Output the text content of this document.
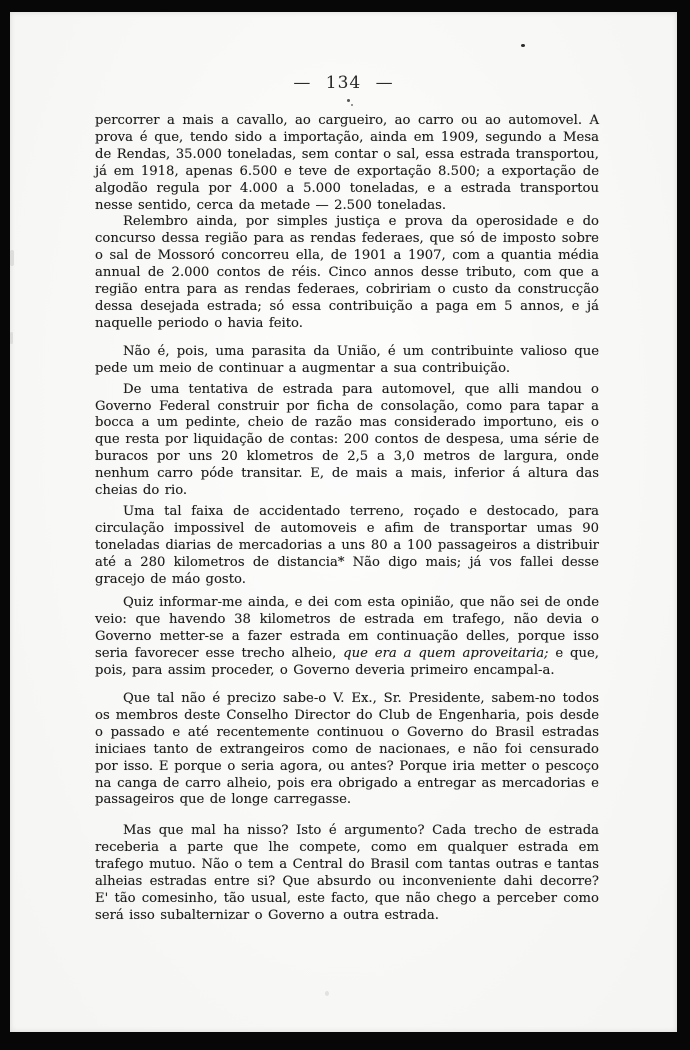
— 134 —

percorrer a mais a cavallo, ao cargueiro, ao carro ou ao automovel. A prova é que, tendo sido a importação, ainda em 1909, segundo a Mesa de Rendas, 35.000 toneladas, sem contar o sal, essa estrada transportou, já em 1918, apenas 6.500 e teve de exportação 8.500; a exportação de algodão regula por 4.000 a 5.000 toneladas, e a estrada transportou nesse sentido, cerca da metade — 2.500 toneladas.

Relembro ainda, por simples justiça e prova da operosidade e do concurso dessa região para as rendas federaes, que só de imposto sobre o sal de Mossoró concorreu ella, de 1901 a 1907, com a quantia média annual de 2.000 contos de réis. Cinco annos desse tributo, com que a região entra para as rendas federaes, cobririam o custo da construcção dessa desejada estrada; só essa contribuição a paga em 5 annos, e já naquelle periodo o havia feito.

Não é, pois, uma parasita da União, é um contribuinte valioso que pede um meio de continuar a augmentar a sua contribuição.

De uma tentativa de estrada para automovel, que alli mandou o Governo Federal construir por ficha de consolação, como para tapar a bocca a um pedinte, cheio de razão mas considerado importuno, eis o que resta por liquidação de contas: 200 contos de despesa, uma série de buracos por uns 20 klometros de 2,5 a 3,0 metros de largura, onde nenhum carro póde transitar. E, de mais a mais, inferior á altura das cheias do rio.

Uma tal faixa de accidentado terreno, roçado e destocado, para circulação impossivel de automoveis e afim de transportar umas 90 toneladas diarias de mercadorias a uns 80 a 100 passageiros a distribuir até a 280 kilometros de distancia* Não digo mais; já vos fallei desse gracejo de máo gosto.

Quiz informar-me ainda, e dei com esta opinião, que não sei de onde veio: que havendo 38 kilometros de estrada em trafego, não devia o Governo metter-se a fazer estrada em continuação delles, porque isso seria favorecer esse trecho alheio, que era a quem aproveitaria; e que, pois, para assim proceder, o Governo deveria primeiro encampal-a.

Que tal não é precizo sabe-o V. Ex., Sr. Presidente, sabem-no todos os membros deste Conselho Director do Club de Engenharia, pois desde o passado e até recentemente continuou o Governo do Brasil estradas iniciaes tanto de extrangeiros como de nacionaes, e não foi censurado por isso. E porque o seria agora, ou antes? Porque iria metter o pescoço na canga de carro alheio, pois era obrigado a entregar as mercadorias e passageiros que de longe carregasse.

Mas que mal ha nisso? Isto é argumento? Cada trecho de estrada receberia a parte que lhe compete, como em qualquer estrada em trafego mutuo. Não o tem a Central do Brasil com tantas outras e tantas alheias estradas entre si? Que absurdo ou inconveniente dahi decorre? E' tão comesinho, tão usual, este facto, que não chego a perceber como será isso subalternizar o Governo a outra estrada.
